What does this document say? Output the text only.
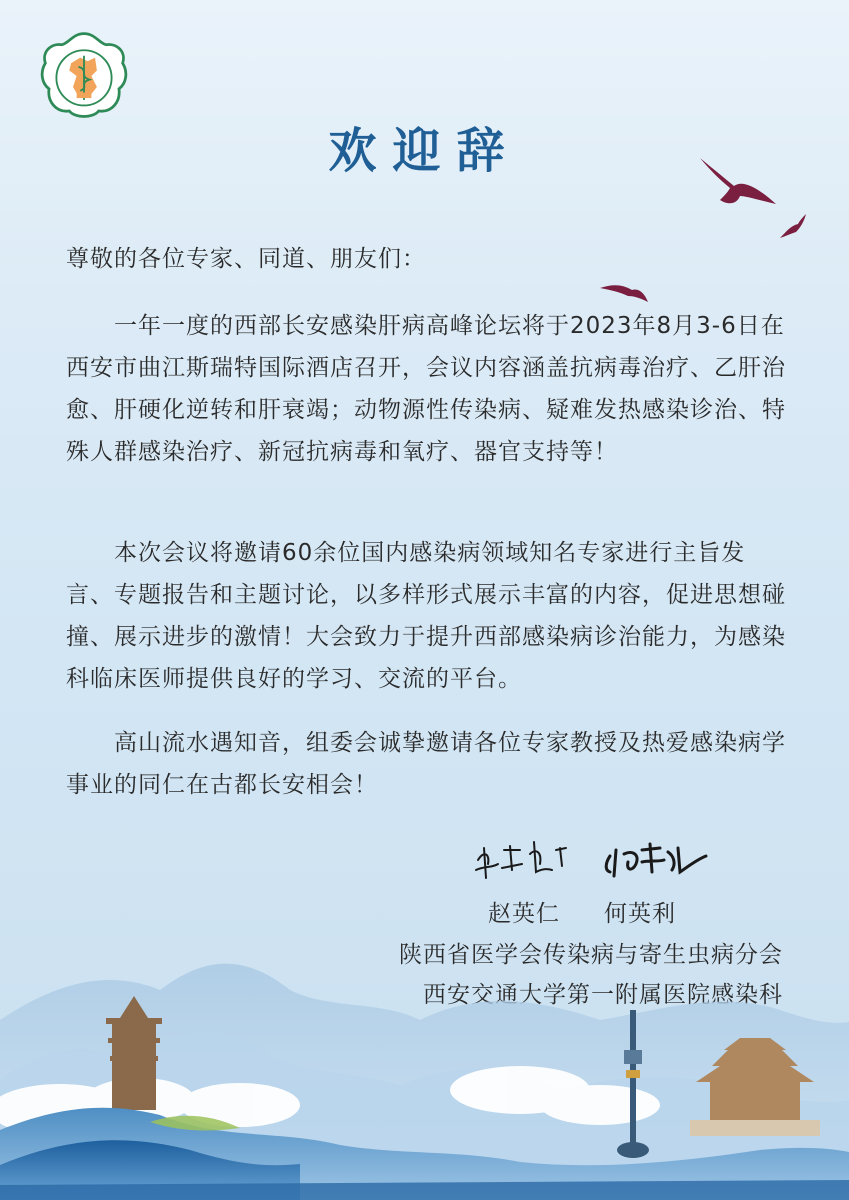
欢迎辞
尊敬的各位专家、同道、朋友们：
一年一度的西部长安感染肝病高峰论坛将于2023年8月3-6日在西安市曲江斯瑞特国际酒店召开，会议内容涵盖抗病毒治疗、乙肝治愈、肝硬化逆转和肝衰竭；动物源性传染病、疑难发热感染诊治、特殊人群感染治疗、新冠抗病毒和氧疗、器官支持等！
本次会议将邀请60余位国内感染病领域知名专家进行主旨发言、专题报告和主题讨论，以多样形式展示丰富的内容，促进思想碰撞、展示进步的激情！大会致力于提升西部感染病诊治能力，为感染科临床医师提供良好的学习、交流的平台。
高山流水遇知音，组委会诚挚邀请各位专家教授及热爱感染病学事业的同仁在古都长安相会！
赵英仁 何英利
陕西省医学会传染病与寄生虫病分会
西安交通大学第一附属医院感染科
